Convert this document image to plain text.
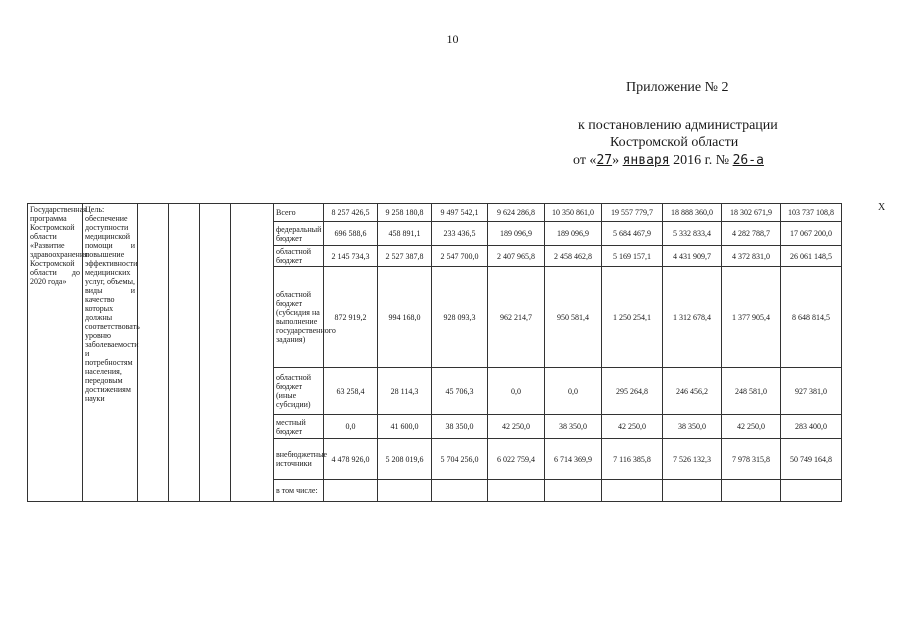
10
Приложение № 2
к постановлению администрации
Костромской области
от «27» января 2016 г. № 26-а
Х
Государственная программа Костромской области «Развитие здравоохранения Костромской области до 2020 года»	Цель: обеспечение доступности медицинской помощи и повышение эффективности медицинских услуг, объемы, виды и качество которых должны соответствовать уровню заболеваемости и потребностям населения, передовым достижениям науки					Всего	8 257 426,5	9 258 180,8	9 497 542,1	9 624 286,8	10 350 861,0	19 557 779,7	18 888 360,0	18 302 671,9	103 737 108,8
						федеральный бюджет	696 588,6	458 891,1	233 436,5	189 096,9	189 096,9	5 684 467,9	5 332 833,4	4 282 788,7	17 067 200,0
						областной бюджет	2 145 734,3	2 527 387,8	2 547 700,0	2 407 965,8	2 458 462,8	5 169 157,1	4 431 909,7	4 372 831,0	26 061 148,5
						областной бюджет (субсидия на выполнение государственного задания)	872 919,2	994 168,0	928 093,3	962 214,7	950 581,4	1 250 254,1	1 312 678,4	1 377 905,4	8 648 814,5
						областной бюджет (иные субсидии)	63 258,4	28 114,3	45 706,3	0,0	0,0	295 264,8	246 456,2	248 581,0	927 381,0
						местный бюджет	0,0	41 600,0	38 350,0	42 250,0	38 350,0	42 250,0	38 350,0	42 250,0	283 400,0
						внебюджетные источники	4 478 926,0	5 208 019,6	5 704 256,0	6 022 759,4	6 714 369,9	7 116 385,8	7 526 132,3	7 978 315,8	50 749 164,8
						в том числе:									
